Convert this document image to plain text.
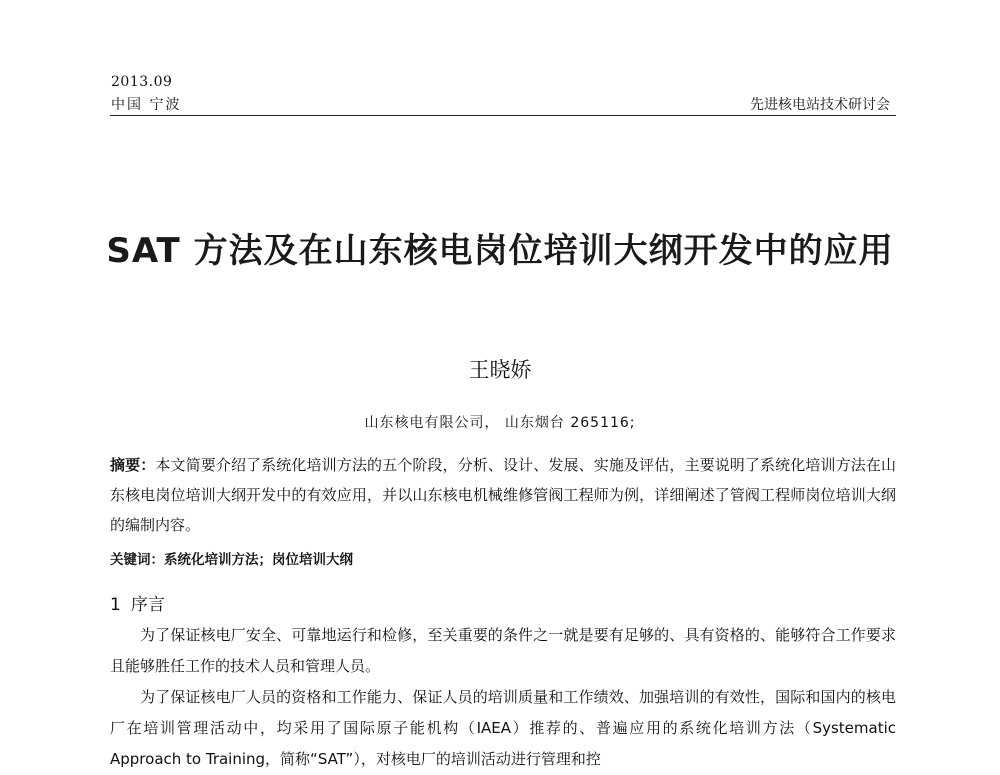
2013.09
中国 宁波	先进核电站技术研讨会
SAT 方法及在山东核电岗位培训大纲开发中的应用
王晓娇
山东核电有限公司， 山东烟台 265116;
摘要：本文简要介绍了系统化培训方法的五个阶段，分析、设计、发展、实施及评估，主要说明了系统化培训方法在山东核电岗位培训大纲开发中的有效应用，并以山东核电机械维修管阀工程师为例，详细阐述了管阀工程师岗位培训大纲的编制内容。
关键词：系统化培训方法；岗位培训大纲
1 序言

为了保证核电厂安全、可靠地运行和检修，至关重要的条件之一就是要有足够的、具有资格的、能够符合工作要求且能够胜任工作的技术人员和管理人员。

为了保证核电厂人员的资格和工作能力、保证人员的培训质量和工作绩效、加强培训的有效性，国际和国内的核电厂在培训管理活动中，均采用了国际原子能机构（IAEA）推荐的、普遍应用的系统化培训方法（Systematic Approach to Training，简称“SAT”），对核电厂的培训活动进行管理和控
